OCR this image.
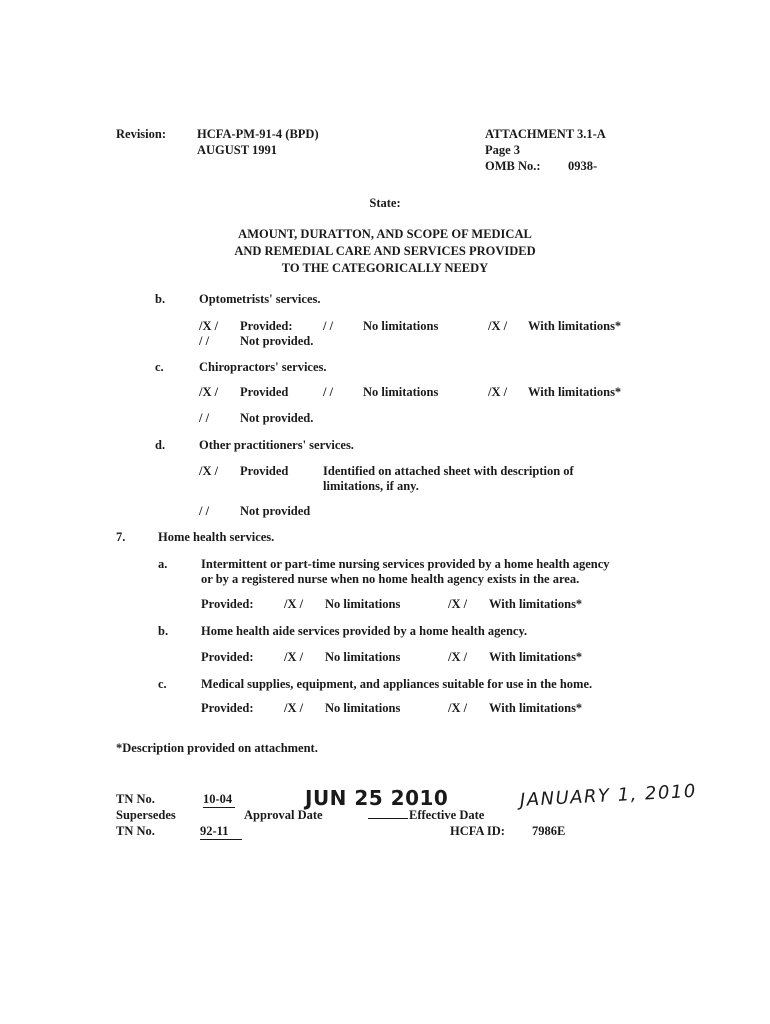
Revision: HCFA-PM-91-4 (BPD)
AUGUST 1991
ATTACHMENT 3.1-A
Page 3
OMB No.: 0938-
State:
AMOUNT, DURATTON, AND SCOPE OF MEDICAL
AND REMEDIAL CARE AND SERVICES PROVIDED
TO THE CATEGORICALLY NEEDY
b.	Optometrists' services.
/X / Provided: / / No limitations	/X / With limitations*
/ / Not provided.
c.	Chiropractors' services.
/X / Provided	/ / No limitations	/X / With limitations*
/ / Not provided.
d.	Other practitioners' services.
/X / Provided	Identified on attached sheet with description of
limitations, if any.
/ / Not provided
7.	Home health services.
a.	Intermittent or part-time nursing services provided by a home health agency
or by a registered nurse when no home health agency exists in the area.
Provided: /X / No limitations	/X / With limitations*
b.	Home health aide services provided by a home health agency.
Provided: /X / No limitations	/X / With limitations*
c.	Medical supplies, equipment, and appliances suitable for use in the home.
Provided: /X / No limitations	/X / With limitations*
*Description provided on attachment.
TN No.	10-04	JUN 25 2010	JANUARY 1, 2010
Supersedes	Approval Date	Effective Date
TN No.	92-11	HCFA ID: 7986E
